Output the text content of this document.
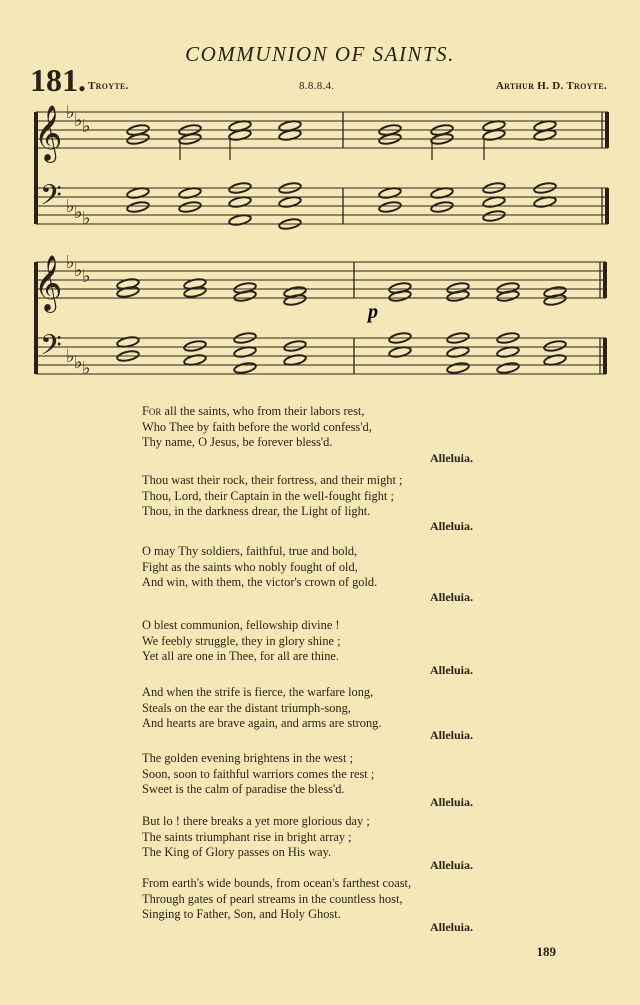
COMMUNION OF SAINTS.
181. Troyte.	8.8.8.4.	Arthur H. D. Troyte.
𝄞
𝄢
♭ ♭ ♭
♭ ♭ ♭
𝄞
𝄢
♭ ♭ ♭
♭ ♭ ♭
p
For all the saints, who from their labors rest,
Who Thee by faith before the world confess'd,
Thy name, O Jesus, be forever bless'd.
Alleluia.
Thou wast their rock, their fortress, and their might ;
Thou, Lord, their Captain in the well-fought fight ;
Thou, in the darkness drear, the Light of light.
Alleluia.
O may Thy soldiers, faithful, true and bold,
Fight as the saints who nobly fought of old,
And win, with them, the victor's crown of gold.
Alleluia.
O blest communion, fellowship divine !
We feebly struggle, they in glory shine ;
Yet all are one in Thee, for all are thine.
Alleluia.
And when the strife is fierce, the warfare long,
Steals on the ear the distant triumph-song,
And hearts are brave again, and arms are strong.
Alleluia.
The golden evening brightens in the west ;
Soon, soon to faithful warriors comes the rest ;
Sweet is the calm of paradise the bless'd.
Alleluia.
But lo ! there breaks a yet more glorious day ;
The saints triumphant rise in bright array ;
The King of Glory passes on His way.
Alleluia.
From earth's wide bounds, from ocean's farthest coast,
Through gates of pearl streams in the countless host,
Singing to Father, Son, and Holy Ghost.
Alleluia.
189
